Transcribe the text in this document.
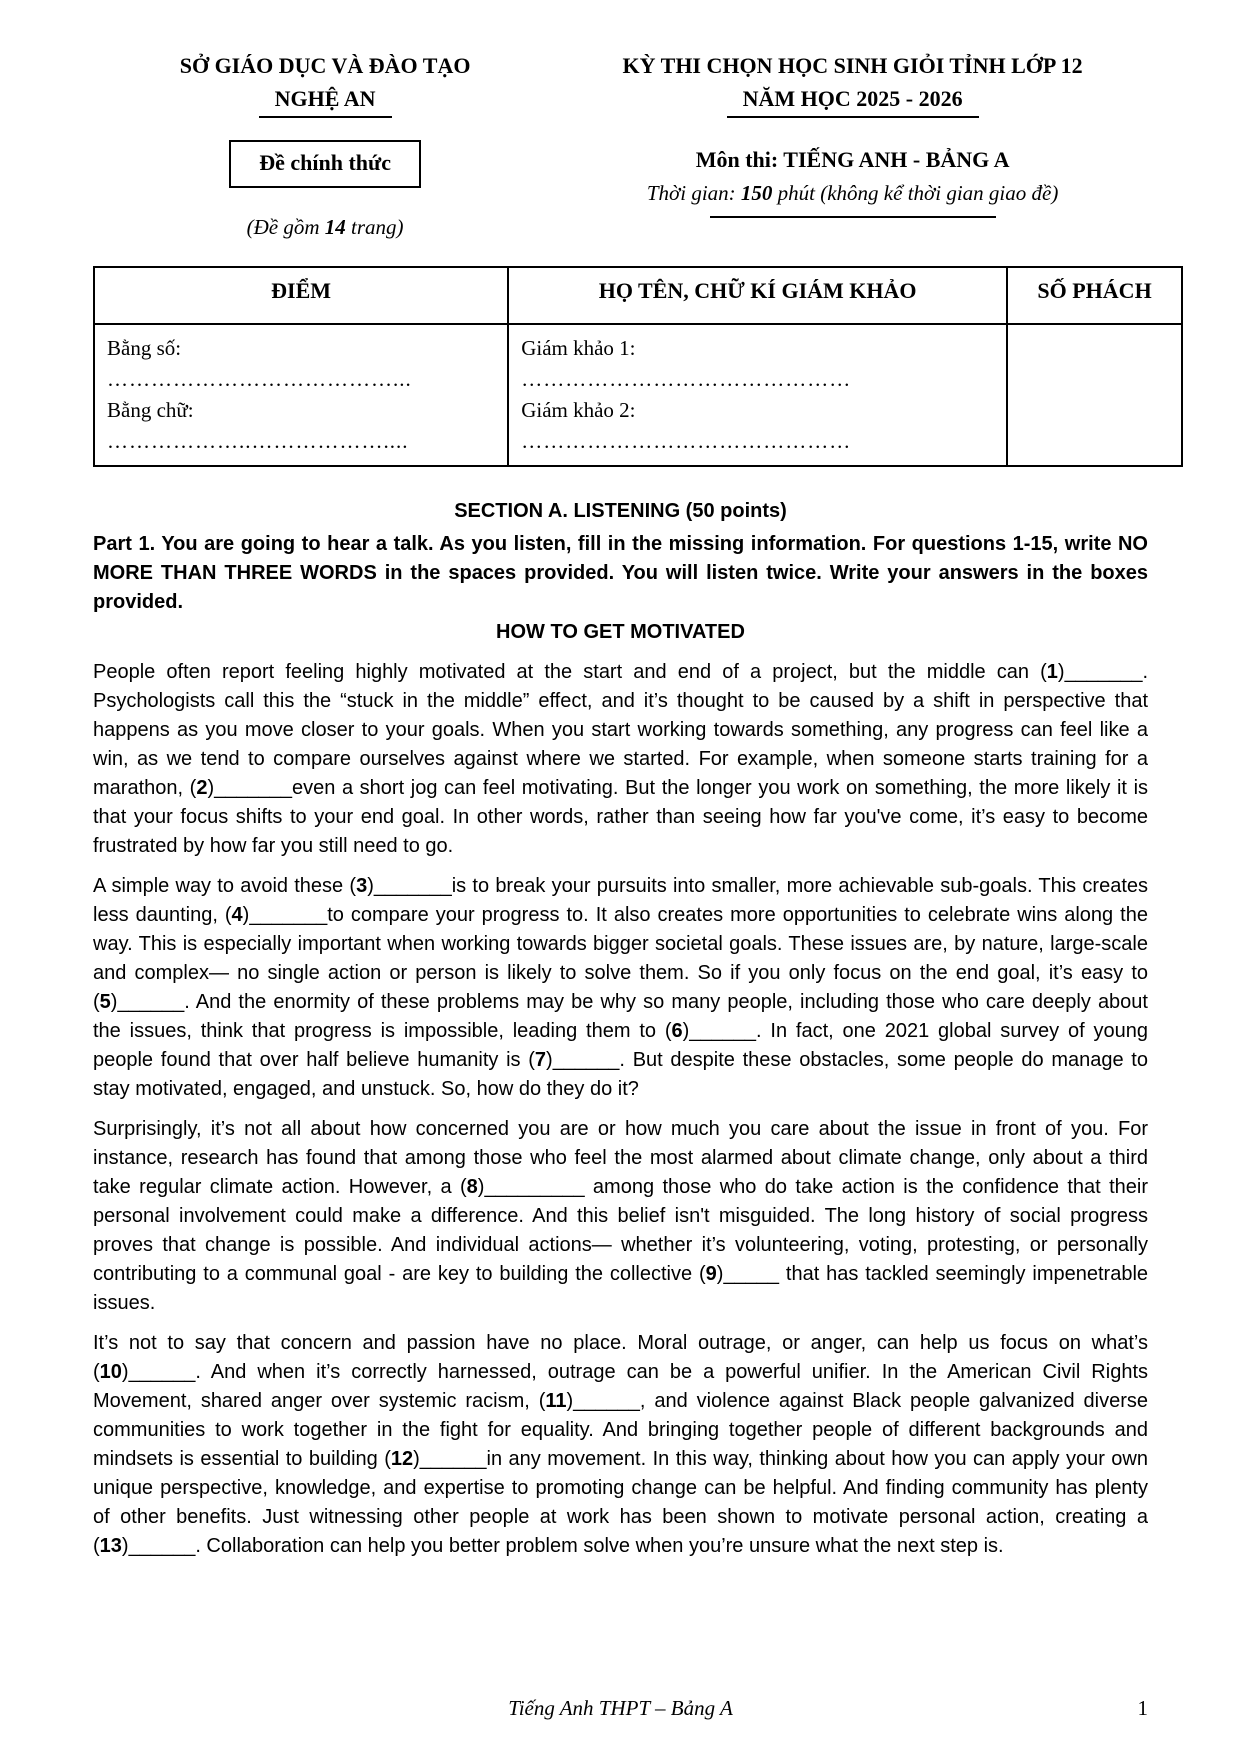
SỞ GIÁO DỤC VÀ ĐÀO TẠO
NGHỆ AN
Đề chính thức
(Đề gồm 14 trang)
KỲ THI CHỌN HỌC SINH GIỎI TỈNH LỚP 12
NĂM HỌC 2025 - 2026
Môn thi: TIẾNG ANH - BẢNG A
Thời gian: 150 phút (không kể thời gian giao đề)
ĐIỂM	HỌ TÊN, CHỮ KÍ GIÁM KHẢO	SỐ PHÁCH

Bằng số:
…………………………………...
Bằng chữ:
………………..………………....

Giám khảo 1:
………………………………………
Giám khảo 2:
………………………………………

SECTION A. LISTENING (50 points)

Part 1. You are going to hear a talk. As you listen, fill in the missing information. For questions 1-15, write NO MORE THAN THREE WORDS in the spaces provided. You will listen twice. Write your answers in the boxes provided.

HOW TO GET MOTIVATED

People often report feeling highly motivated at the start and end of a project, but the middle can (1)_______. Psychologists call this the “stuck in the middle” effect, and it’s thought to be caused by a shift in perspective that happens as you move closer to your goals. When you start working towards something, any progress can feel like a win, as we tend to compare ourselves against where we started. For example, when someone starts training for a marathon, (2)_______even a short jog can feel motivating. But the longer you work on something, the more likely it is that your focus shifts to your end goal. In other words, rather than seeing how far you've come, it’s easy to become frustrated by how far you still need to go.

A simple way to avoid these (3)_______is to break your pursuits into smaller, more achievable sub-goals. This creates less daunting, (4)_______to compare your progress to. It also creates more opportunities to celebrate wins along the way. This is especially important when working towards bigger societal goals. These issues are, by nature, large-scale and complex— no single action or person is likely to solve them. So if you only focus on the end goal, it’s easy to (5)______. And the enormity of these problems may be why so many people, including those who care deeply about the issues, think that progress is impossible, leading them to (6)______. In fact, one 2021 global survey of young people found that over half believe humanity is (7)______. But despite these obstacles, some people do manage to stay motivated, engaged, and unstuck. So, how do they do it?

Surprisingly, it’s not all about how concerned you are or how much you care about the issue in front of you. For instance, research has found that among those who feel the most alarmed about climate change, only about a third take regular climate action. However, a (8)_________ among those who do take action is the confidence that their personal involvement could make a difference. And this belief isn't misguided. The long history of social progress proves that change is possible. And individual actions— whether it’s volunteering, voting, protesting, or personally contributing to a communal goal - are key to building the collective (9)_____ that has tackled seemingly impenetrable issues.

It’s not to say that concern and passion have no place. Moral outrage, or anger, can help us focus on what’s (10)______. And when it’s correctly harnessed, outrage can be a powerful unifier. In the American Civil Rights Movement, shared anger over systemic racism, (11)______, and violence against Black people galvanized diverse communities to work together in the fight for equality. And bringing together people of different backgrounds and mindsets is essential to building (12)______in any movement. In this way, thinking about how you can apply your own unique perspective, knowledge, and expertise to promoting change can be helpful. And finding community has plenty of other benefits. Just witnessing other people at work has been shown to motivate personal action, creating a (13)______. Collaboration can help you better problem solve when you’re unsure what the next step is.

Tiếng Anh THPT – Bảng A	1
